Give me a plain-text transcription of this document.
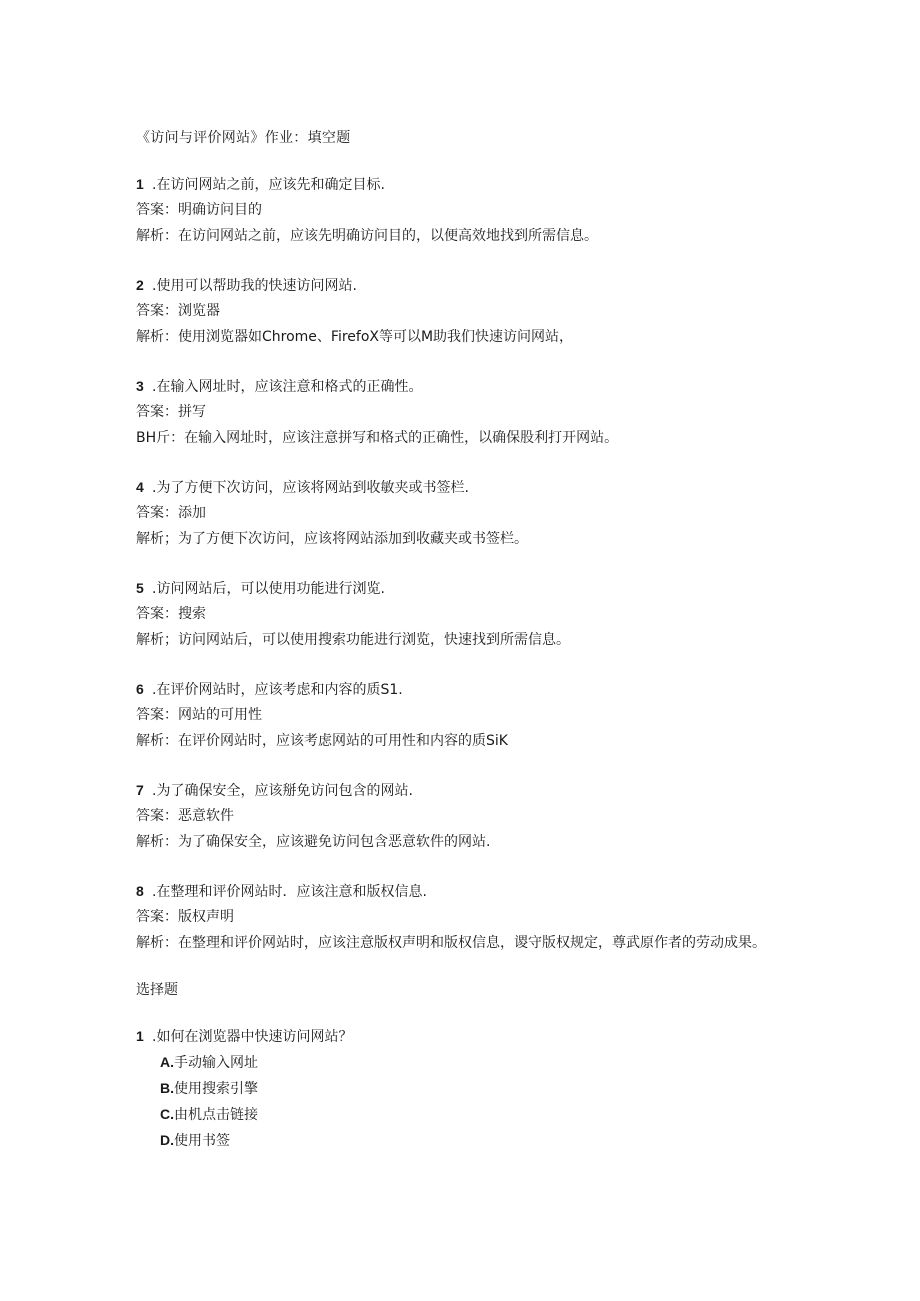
《访问与评价网站》作业：填空题
1 .在访问网站之前，应该先和确定目标.
答案：明确访问目的
解析：在访问网站之前，应该先明确访问目的，以便高效地找到所需信息。
2 .使用可以帮助我的快速访问网站.
答案：浏览器
解析：使用浏览器如Chrome、FirefoX等可以M助我们快速访问网站，
3 .在输入网址时，应该注意和格式的正确性。
答案：拼写
BH斤：在输入网址时，应该注意拼写和格式的正确性，以确保股利打开网站。
4 .为了方便下次访问，应该将网站到收敏夹或书签栏.
答案：添加
解析；为了方便下次访问，应该将网站添加到收藏夹或书签栏。
5 .访问网站后，可以使用功能进行浏览.
答案：搜索
解析；访问网站后，可以使用搜索功能进行浏览，快速找到所需信息。
6 .在评价网站时，应该考虑和内容的质S1.
答案：网站的可用性
解析：在评价网站时，应该考虑网站的可用性和内容的质SiK
7 .为了确保安全，应该掰免访问包含的网站.
答案：恶意软件
解析：为了确保安全，应该避免访问包含恶意软件的网站.
8 .在整理和评价网站时．应该注意和版权信息.
答案：版权声明
解析：在整理和评价网站时，应该注意版权声明和版权信息，谡守版权规定，尊武原作者的劳动成果。
选择题
1 .如何在浏览器中快速访问网站？
A.手动输入网址
B.使用搜索引擎
C.由机点击链接
D.使用书签
